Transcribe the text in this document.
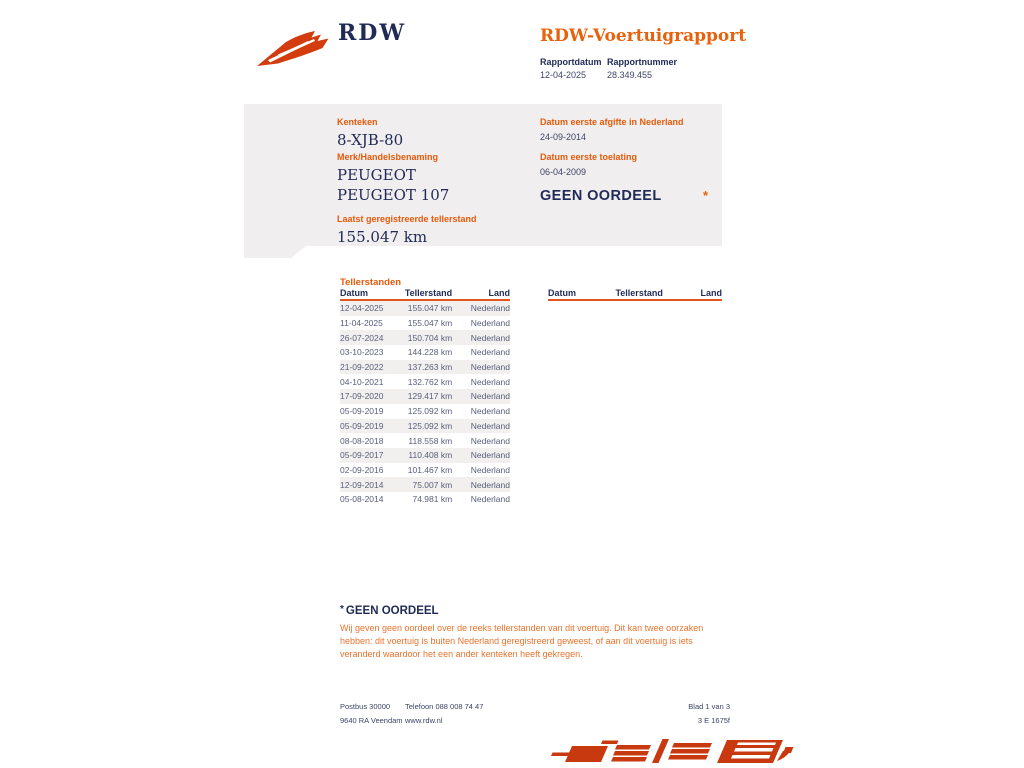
RDW	RDW-Voertuigrapport
Rapportdatum
12-04-2025
Rapportnummer
28.349.455
Kenteken
8-XJB-80
Merk/Handelsbenaming
PEUGEOT PEUGEOT 107
Laatst geregistreerde tellerstand
155.047 km
Datum eerste afgifte in Nederland
24-09-2014
Datum eerste toelating
06-04-2009
GEEN OORDEEL	*
Tellerstanden
Datum	Tellerstand	Land
12-04-2025	155.047 km	Nederland
11-04-2025	155.047 km	Nederland
26-07-2024	150.704 km	Nederland
03-10-2023	144.228 km	Nederland
21-09-2022	137.263 km	Nederland
04-10-2021	132.762 km	Nederland
17-09-2020	129.417 km	Nederland
05-09-2019	125.092 km	Nederland
05-09-2019	125.092 km	Nederland
08-08-2018	118.558 km	Nederland
05-09-2017	110.408 km	Nederland
02-09-2016	101.467 km	Nederland
12-09-2014	75.007 km	Nederland
05-08-2014	74.981 km	Nederland
Datum	Tellerstand	Land
* GEEN OORDEEL
Wij geven geen oordeel over de reeks tellerstanden van dit voertuig. Dit kan twee oorzaken hebben: dit voertuig is buiten Nederland geregistreerd geweest, of aan dit voertuig is iets veranderd waardoor het een ander kenteken heeft gekregen.
Postbus 30000
9640 RA Veendam
Telefoon 088 008 74 47
www.rdw.nl
Blad 1 van 3
3 E 1675f
